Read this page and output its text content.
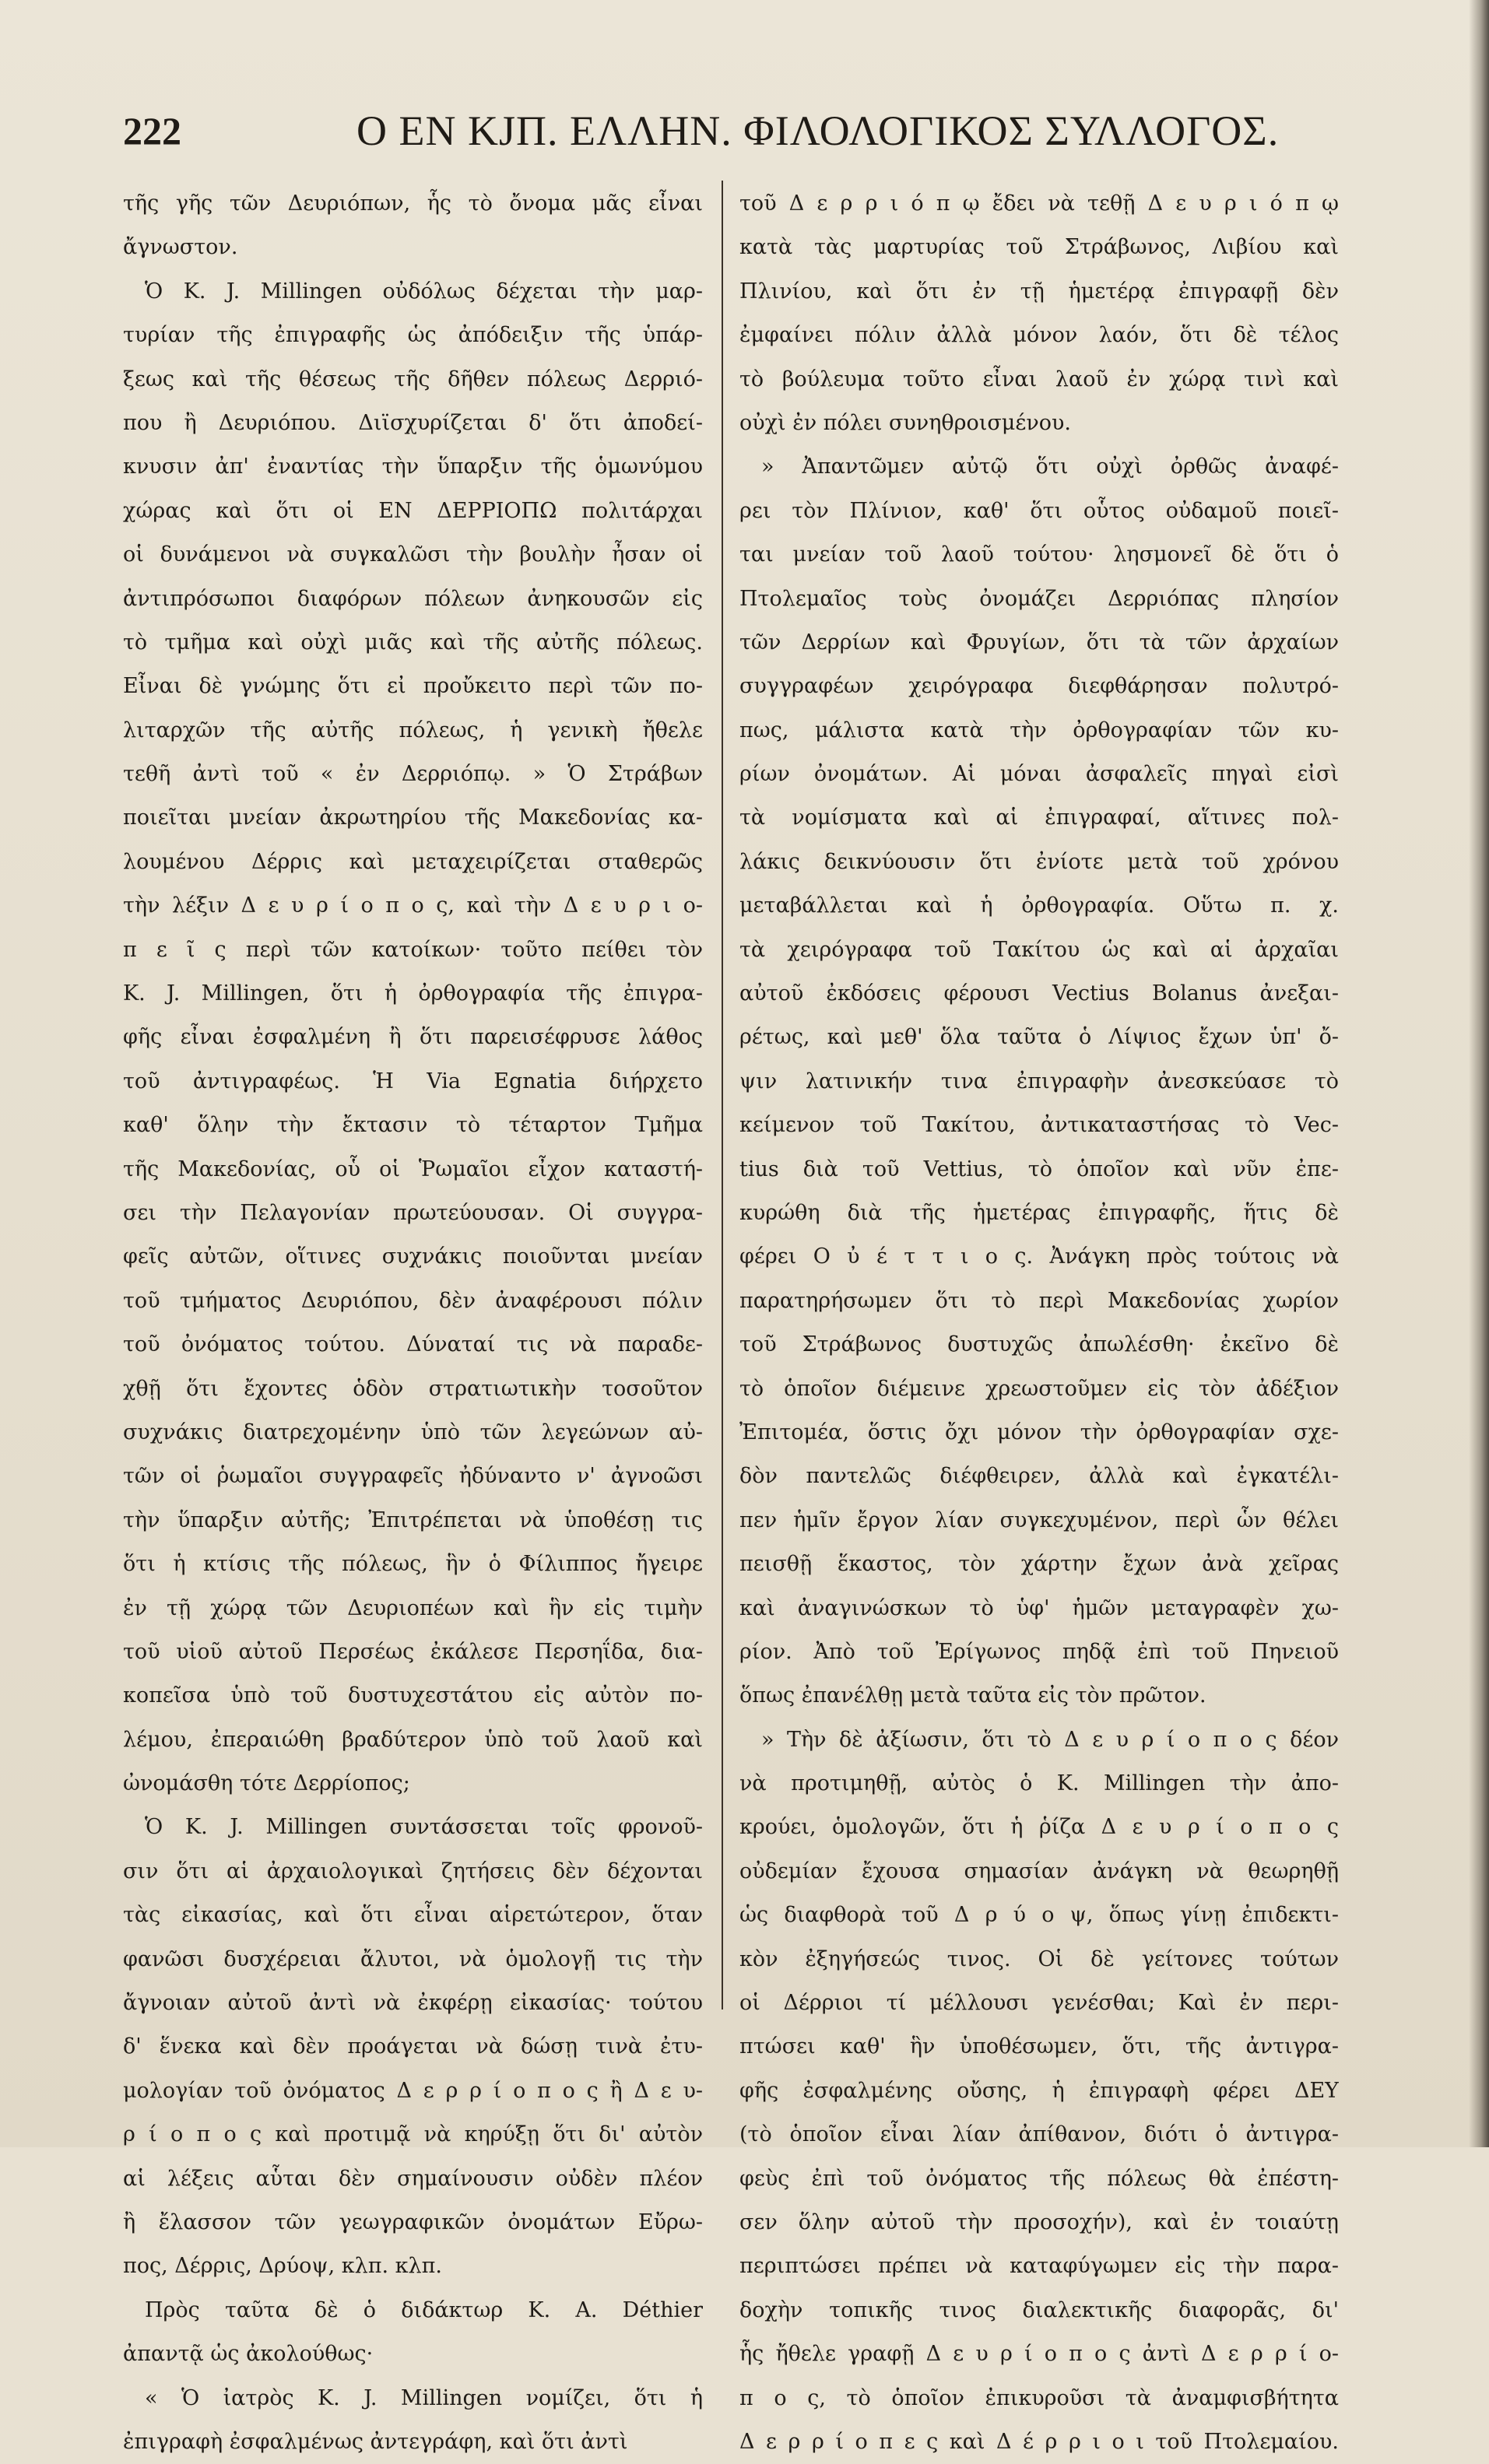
222	Ο ΕΝ ΚJΠ. ΕΛΛΗΝ. ΦΙΛΟΛΟΓΙΚΟΣ ΣΥΛΛΟΓΟΣ.
τῆς γῆς τῶν Δευριόπων, ἧς τὸ ὄνομα μᾶς εἶναι
ἄγνωστον.
Ὁ Κ. J. Millingen οὐδόλως δέχεται τὴν μαρ-
τυρίαν τῆς ἐπιγραφῆς ὡς ἀπόδειξιν τῆς ὑπάρ-
ξεως καὶ τῆς θέσεως τῆς δῆθεν πόλεως Δερριό-
που ἢ Δευριόπου. Διϊσχυρίζεται δ' ὅτι ἀποδεί-
κνυσιν ἀπ' ἐναντίας τὴν ὕπαρξιν τῆς ὁμωνύμου
χώρας καὶ ὅτι οἱ ΕΝ ΔΕΡΡΙΟΠΩ πολιτάρχαι
οἱ δυνάμενοι νὰ συγκαλῶσι τὴν βουλὴν ἦσαν οἱ
ἀντιπρόσωποι διαφόρων πόλεων ἀνηκουσῶν εἰς
τὸ τμῆμα καὶ οὐχὶ μιᾶς καὶ τῆς αὐτῆς πόλεως.
Εἶναι δὲ γνώμης ὅτι εἰ προὔκειτο περὶ τῶν πο-
λιταρχῶν τῆς αὐτῆς πόλεως, ἡ γενικὴ ἤθελε
τεθῆ ἀντὶ τοῦ « ἐν Δερριόπῳ. » Ὁ Στράβων
ποιεῖται μνείαν ἀκρωτηρίου τῆς Μακεδονίας κα-
λουμένου Δέρρις καὶ μεταχειρίζεται σταθερῶς
τὴν λέξιν Δ ε υ ρ ί ο π ο ς, καὶ τὴν Δ ε υ ρ ι ο-
π ε ῖ ς περὶ τῶν κατοίκων· τοῦτο πείθει τὸν
Κ. J. Millingen, ὅτι ἡ ὀρθογραφία τῆς ἐπιγρα-
φῆς εἶναι ἐσφαλμένη ἢ ὅτι παρεισέφρυσε λάθος
τοῦ ἀντιγραφέως. Ἡ Via Egnatia διήρχετο
καθ' ὅλην τὴν ἔκτασιν τὸ τέταρτον Τμῆμα
τῆς Μακεδονίας, οὗ οἱ Ῥωμαῖοι εἶχον καταστή-
σει τὴν Πελαγονίαν πρωτεύουσαν. Οἱ συγγρα-
φεῖς αὐτῶν, οἵτινες συχνάκις ποιοῦνται μνείαν
τοῦ τμήματος Δευριόπου, δὲν ἀναφέρουσι πόλιν
τοῦ ὀνόματος τούτου. Δύναταί τις νὰ παραδε-
χθῇ ὅτι ἔχοντες ὁδὸν στρατιωτικὴν τοσοῦτον
συχνάκις διατρεχομένην ὑπὸ τῶν λεγεώνων αὐ-
τῶν οἱ ῥωμαῖοι συγγραφεῖς ἠδύναντο ν' ἀγνοῶσι
τὴν ὕπαρξιν αὐτῆς; Ἐπιτρέπεται νὰ ὑποθέσῃ τις
ὅτι ἡ κτίσις τῆς πόλεως, ἣν ὁ Φίλιππος ἤγειρε
ἐν τῇ χώρᾳ τῶν Δευριοπέων καὶ ἣν εἰς τιμὴν
τοῦ υἱοῦ αὐτοῦ Περσέως ἐκάλεσε Περσηΐδα, δια-
κοπεῖσα ὑπὸ τοῦ δυστυχεστάτου εἰς αὐτὸν πο-
λέμου, ἐπεραιώθη βραδύτερον ὑπὸ τοῦ λαοῦ καὶ
ὠνομάσθη τότε Δερρίοπος;
Ὁ Κ. J. Millingen συντάσσεται τοῖς φρονοῦ-
σιν ὅτι αἱ ἀρχαιολογικαὶ ζητήσεις δὲν δέχονται
τὰς εἰκασίας, καὶ ὅτι εἶναι αἱρετώτερον, ὅταν
φανῶσι δυσχέρειαι ἄλυτοι, νὰ ὁμολογῇ τις τὴν
ἄγνοιαν αὐτοῦ ἀντὶ νὰ ἐκφέρῃ εἰκασίας· τούτου
δ' ἕνεκα καὶ δὲν προάγεται νὰ δώσῃ τινὰ ἐτυ-
μολογίαν τοῦ ὀνόματος Δ ε ρ ρ ί ο π ο ς ἢ Δ ε υ-
ρ ί ο π ο ς καὶ προτιμᾷ νὰ κηρύξῃ ὅτι δι' αὐτὸν
αἱ λέξεις αὗται δὲν σημαίνουσιν οὐδὲν πλέον
ἢ ἔλασσον τῶν γεωγραφικῶν ὀνομάτων Εὔρω-
πος, Δέρρις, Δρύοψ, κλπ. κλπ.
Πρὸς ταῦτα δὲ ὁ διδάκτωρ Κ. Α. Déthier
ἀπαντᾷ ὡς ἀκολούθως·
« Ὁ ἰατρὸς Κ. J. Millingen νομίζει, ὅτι ἡ
ἐπιγραφὴ ἐσφαλμένως ἀντεγράφη, καὶ ὅτι ἀντὶ
τοῦ Δ ε ρ ρ ι ό π ῳ ἔδει νὰ τεθῇ Δ ε υ ρ ι ό π ῳ
κατὰ τὰς μαρτυρίας τοῦ Στράβωνος, Λιβίου καὶ
Πλινίου, καὶ ὅτι ἐν τῇ ἡμετέρᾳ ἐπιγραφῇ δὲν
ἐμφαίνει πόλιν ἀλλὰ μόνον λαόν, ὅτι δὲ τέλος
τὸ βούλευμα τοῦτο εἶναι λαοῦ ἐν χώρᾳ τινὶ καὶ
οὐχὶ ἐν πόλει συνηθροισμένου.
» Ἀπαντῶμεν αὐτῷ ὅτι οὐχὶ ὀρθῶς ἀναφέ-
ρει τὸν Πλίνιον, καθ' ὅτι οὗτος οὐδαμοῦ ποιεῖ-
ται μνείαν τοῦ λαοῦ τούτου· λησμονεῖ δὲ ὅτι ὁ
Πτολεμαῖος τοὺς ὀνομάζει Δερριόπας πλησίον
τῶν Δερρίων καὶ Φρυγίων, ὅτι τὰ τῶν ἀρχαίων
συγγραφέων χειρόγραφα διεφθάρησαν πολυτρό-
πως, μάλιστα κατὰ τὴν ὀρθογραφίαν τῶν κυ-
ρίων ὀνομάτων. Αἱ μόναι ἀσφαλεῖς πηγαὶ εἰσὶ
τὰ νομίσματα καὶ αἱ ἐπιγραφαί, αἵτινες πολ-
λάκις δεικνύουσιν ὅτι ἐνίοτε μετὰ τοῦ χρόνου
μεταβάλλεται καὶ ἡ ὀρθογραφία. Οὕτω π. χ.
τὰ χειρόγραφα τοῦ Τακίτου ὡς καὶ αἱ ἀρχαῖαι
αὐτοῦ ἐκδόσεις φέρουσι Vectius Bolanus ἀνεξαι-
ρέτως, καὶ μεθ' ὅλα ταῦτα ὁ Λίψιος ἔχων ὑπ' ὄ-
ψιν λατινικήν τινα ἐπιγραφὴν ἀνεσκεύασε τὸ
κείμενον τοῦ Τακίτου, ἀντικαταστήσας τὸ Vec-
tius διὰ τοῦ Vettius, τὸ ὁποῖον καὶ νῦν ἐπε-
κυρώθη διὰ τῆς ἡμετέρας ἐπιγραφῆς, ἥτις δὲ
φέρει Ο ὐ έ τ τ ι ο ς. Ἀνάγκη πρὸς τούτοις νὰ
παρατηρήσωμεν ὅτι τὸ περὶ Μακεδονίας χωρίον
τοῦ Στράβωνος δυστυχῶς ἀπωλέσθη· ἐκεῖνο δὲ
τὸ ὁποῖον διέμεινε χρεωστοῦμεν εἰς τὸν ἀδέξιον
Ἐπιτομέα, ὅστις ὄχι μόνον τὴν ὀρθογραφίαν σχε-
δὸν παντελῶς διέφθειρεν, ἀλλὰ καὶ ἐγκατέλι-
πεν ἡμῖν ἔργον λίαν συγκεχυμένον, περὶ ὧν θέλει
πεισθῇ ἕκαστος, τὸν χάρτην ἔχων ἀνὰ χεῖρας
καὶ ἀναγινώσκων τὸ ὑφ' ἡμῶν μεταγραφὲν χω-
ρίον. Ἀπὸ τοῦ Ἐρίγωνος πηδᾷ ἐπὶ τοῦ Πηνειοῦ
ὅπως ἐπανέλθῃ μετὰ ταῦτα εἰς τὸν πρῶτον.
» Τὴν δὲ ἀξίωσιν, ὅτι τὸ Δ ε υ ρ ί ο π ο ς δέον
νὰ προτιμηθῇ, αὐτὸς ὁ Κ. Millingen τὴν ἀπο-
κρούει, ὁμολογῶν, ὅτι ἡ ῥίζα Δ ε υ ρ ί ο π ο ς
οὐδεμίαν ἔχουσα σημασίαν ἀνάγκη νὰ θεωρηθῇ
ὡς διαφθορὰ τοῦ Δ ρ ύ ο ψ, ὅπως γίνῃ ἐπιδεκτι-
κὸν ἐξηγήσεώς τινος. Οἱ δὲ γείτονες τούτων
οἱ Δέρριοι τί μέλλουσι γενέσθαι; Καὶ ἐν περι-
πτώσει καθ' ἣν ὑποθέσωμεν, ὅτι, τῆς ἀντιγρα-
φῆς ἐσφαλμένης οὔσης, ἡ ἐπιγραφὴ φέρει ΔΕΥ
(τὸ ὁποῖον εἶναι λίαν ἀπίθανον, διότι ὁ ἀντιγρα-
φεὺς ἐπὶ τοῦ ὀνόματος τῆς πόλεως θὰ ἐπέστη-
σεν ὅλην αὐτοῦ τὴν προσοχήν), καὶ ἐν τοιαύτῃ
περιπτώσει πρέπει νὰ καταφύγωμεν εἰς τὴν παρα-
δοχὴν τοπικῆς τινος διαλεκτικῆς διαφορᾶς, δι'
ἧς ἤθελε γραφῇ Δ ε υ ρ ί ο π ο ς ἀντὶ Δ ε ρ ρ ί ο-
π ο ς, τὸ ὁποῖον ἐπικυροῦσι τὰ ἀναμφισβήτητα
Δ ε ρ ρ ί ο π ε ς καὶ Δ έ ρ ρ ι ο ι τοῦ Πτολεμαίου.
